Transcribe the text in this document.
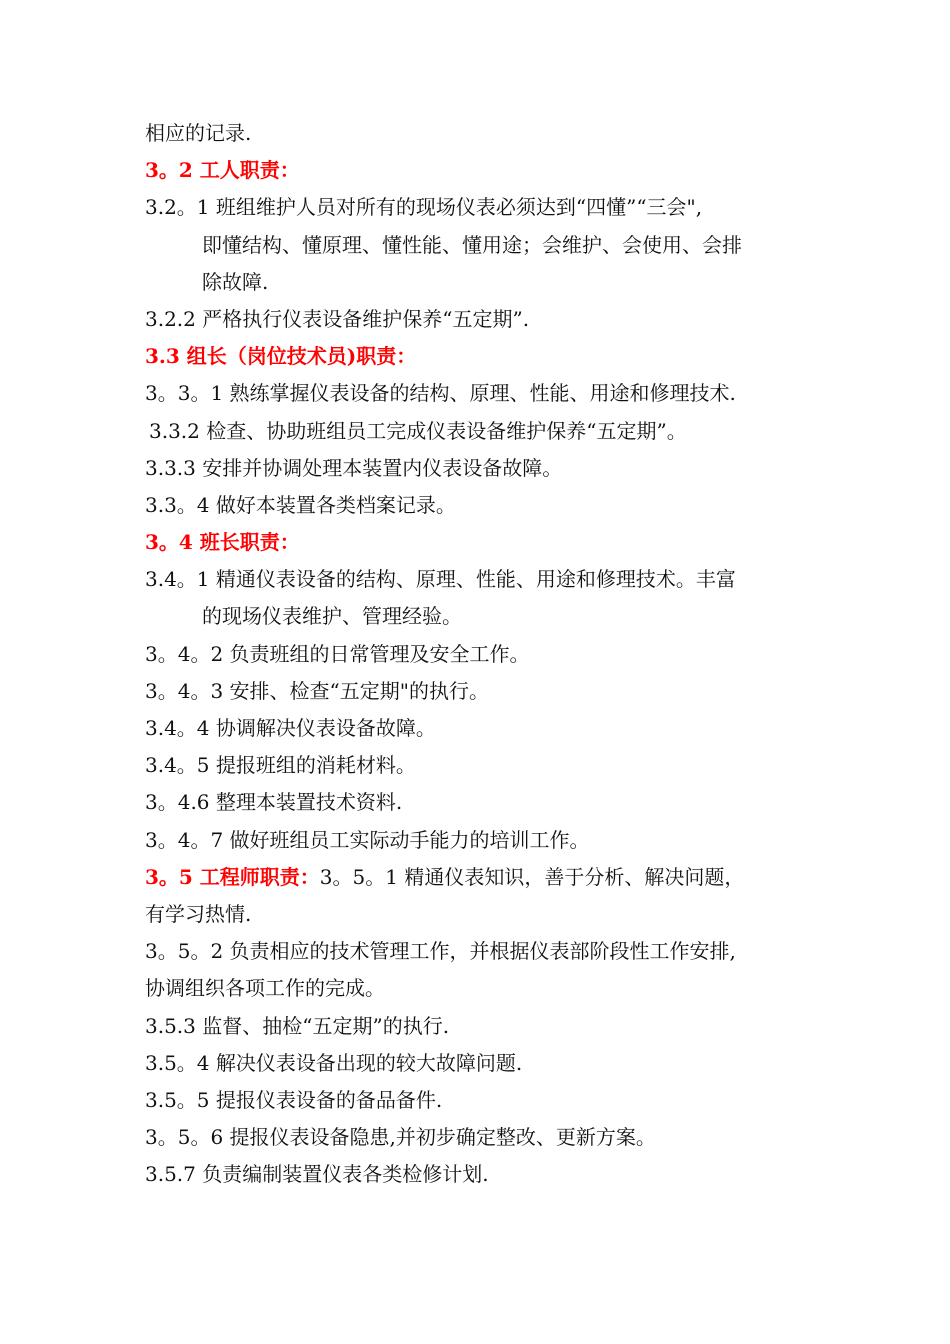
相应的记录.
3。2 工人职责：
3.2。1 班组维护人员对所有的现场仪表必须达到“四懂”“三会",
即懂结构、懂原理、懂性能、懂用途；会维护、会使用、会排
除故障.
3.2.2 严格执行仪表设备维护保养“五定期”.
3.3 组长（岗位技术员)职责：
3。3。1 熟练掌握仪表设备的结构、原理、性能、用途和修理技术.
3.3.2 检查、协助班组员工完成仪表设备维护保养“五定期”。
3.3.3 安排并协调处理本装置内仪表设备故障。
3.3。4 做好本装置各类档案记录。
3。4 班长职责：
3.4。1 精通仪表设备的结构、原理、性能、用途和修理技术。丰富
的现场仪表维护、管理经验。
3。4。2 负责班组的日常管理及安全工作。
3。4。3 安排、检查“五定期"的执行。
3.4。4 协调解决仪表设备故障。
3.4。5 提报班组的消耗材料。
3。4.6 整理本装置技术资料.
3。4。7 做好班组员工实际动手能力的培训工作。
3。5 工程师职责：3。5。1 精通仪表知识，善于分析、解决问题，
有学习热情.
3。5。2 负责相应的技术管理工作，并根据仪表部阶段性工作安排,
协调组织各项工作的完成。
3.5.3 监督、抽检“五定期”的执行.
3.5。4 解决仪表设备出现的较大故障问题.
3.5。5 提报仪表设备的备品备件.
3。5。6 提报仪表设备隐患,并初步确定整改、更新方案。
3.5.7 负责编制装置仪表各类检修计划.
